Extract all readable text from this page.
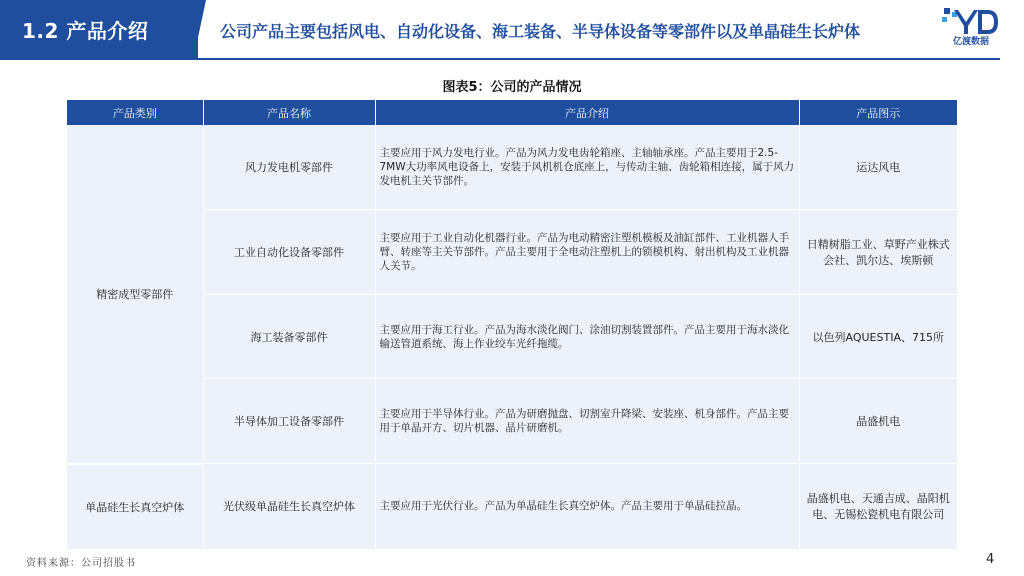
1.2 产品介绍	公司产品主要包括风电、自动化设备、海工装备、半导体设备等零部件以及单晶硅生长炉体
亿渡数据
图表5：公司的产品情况
产品类别	产品名称	产品介绍	产品图示
精密成型零部件	风力发电机零部件	主要应用于风力发电行业。产品为风力发电齿轮箱座、主轴轴承座。产品主要用于2.5-7MW大功率风电设备上，安装于风机机仓底座上，与传动主轴、齿轮箱相连接，属于风力发电机主关节部件。	运达风电
	工业自动化设备零部件	主要应用于工业自动化机器行业。产品为电动精密注塑机模板及油缸部件、工业机器人手臂、转座等主关节部件。产品主要用于全电动注塑机上的锁模机构、射出机构及工业机器人关节。	日精树脂工业、草野产业株式会社、凯尔达、埃斯顿
	海工装备零部件	主要应用于海工行业。产品为海水淡化阀门、涂油切割装置部件。产品主要用于海水淡化输送管道系统、海上作业绞车光纤拖缆。	以色列AQUESTIA、715所
	半导体加工设备零部件	主要应用于半导体行业。产品为研磨抛盘、切割室升降梁、安装座、机身部件。产品主要用于单晶开方、切片机器、晶片研磨机。	晶盛机电
单晶硅生长真空炉体	光伏级单晶硅生长真空炉体	主要应用于光伏行业。产品为单晶硅生长真空炉体。产品主要用于单晶硅拉晶。	晶盛机电、天通吉成、晶阳机电、无锡松瓷机电有限公司
资料来源：公司招股书	4
